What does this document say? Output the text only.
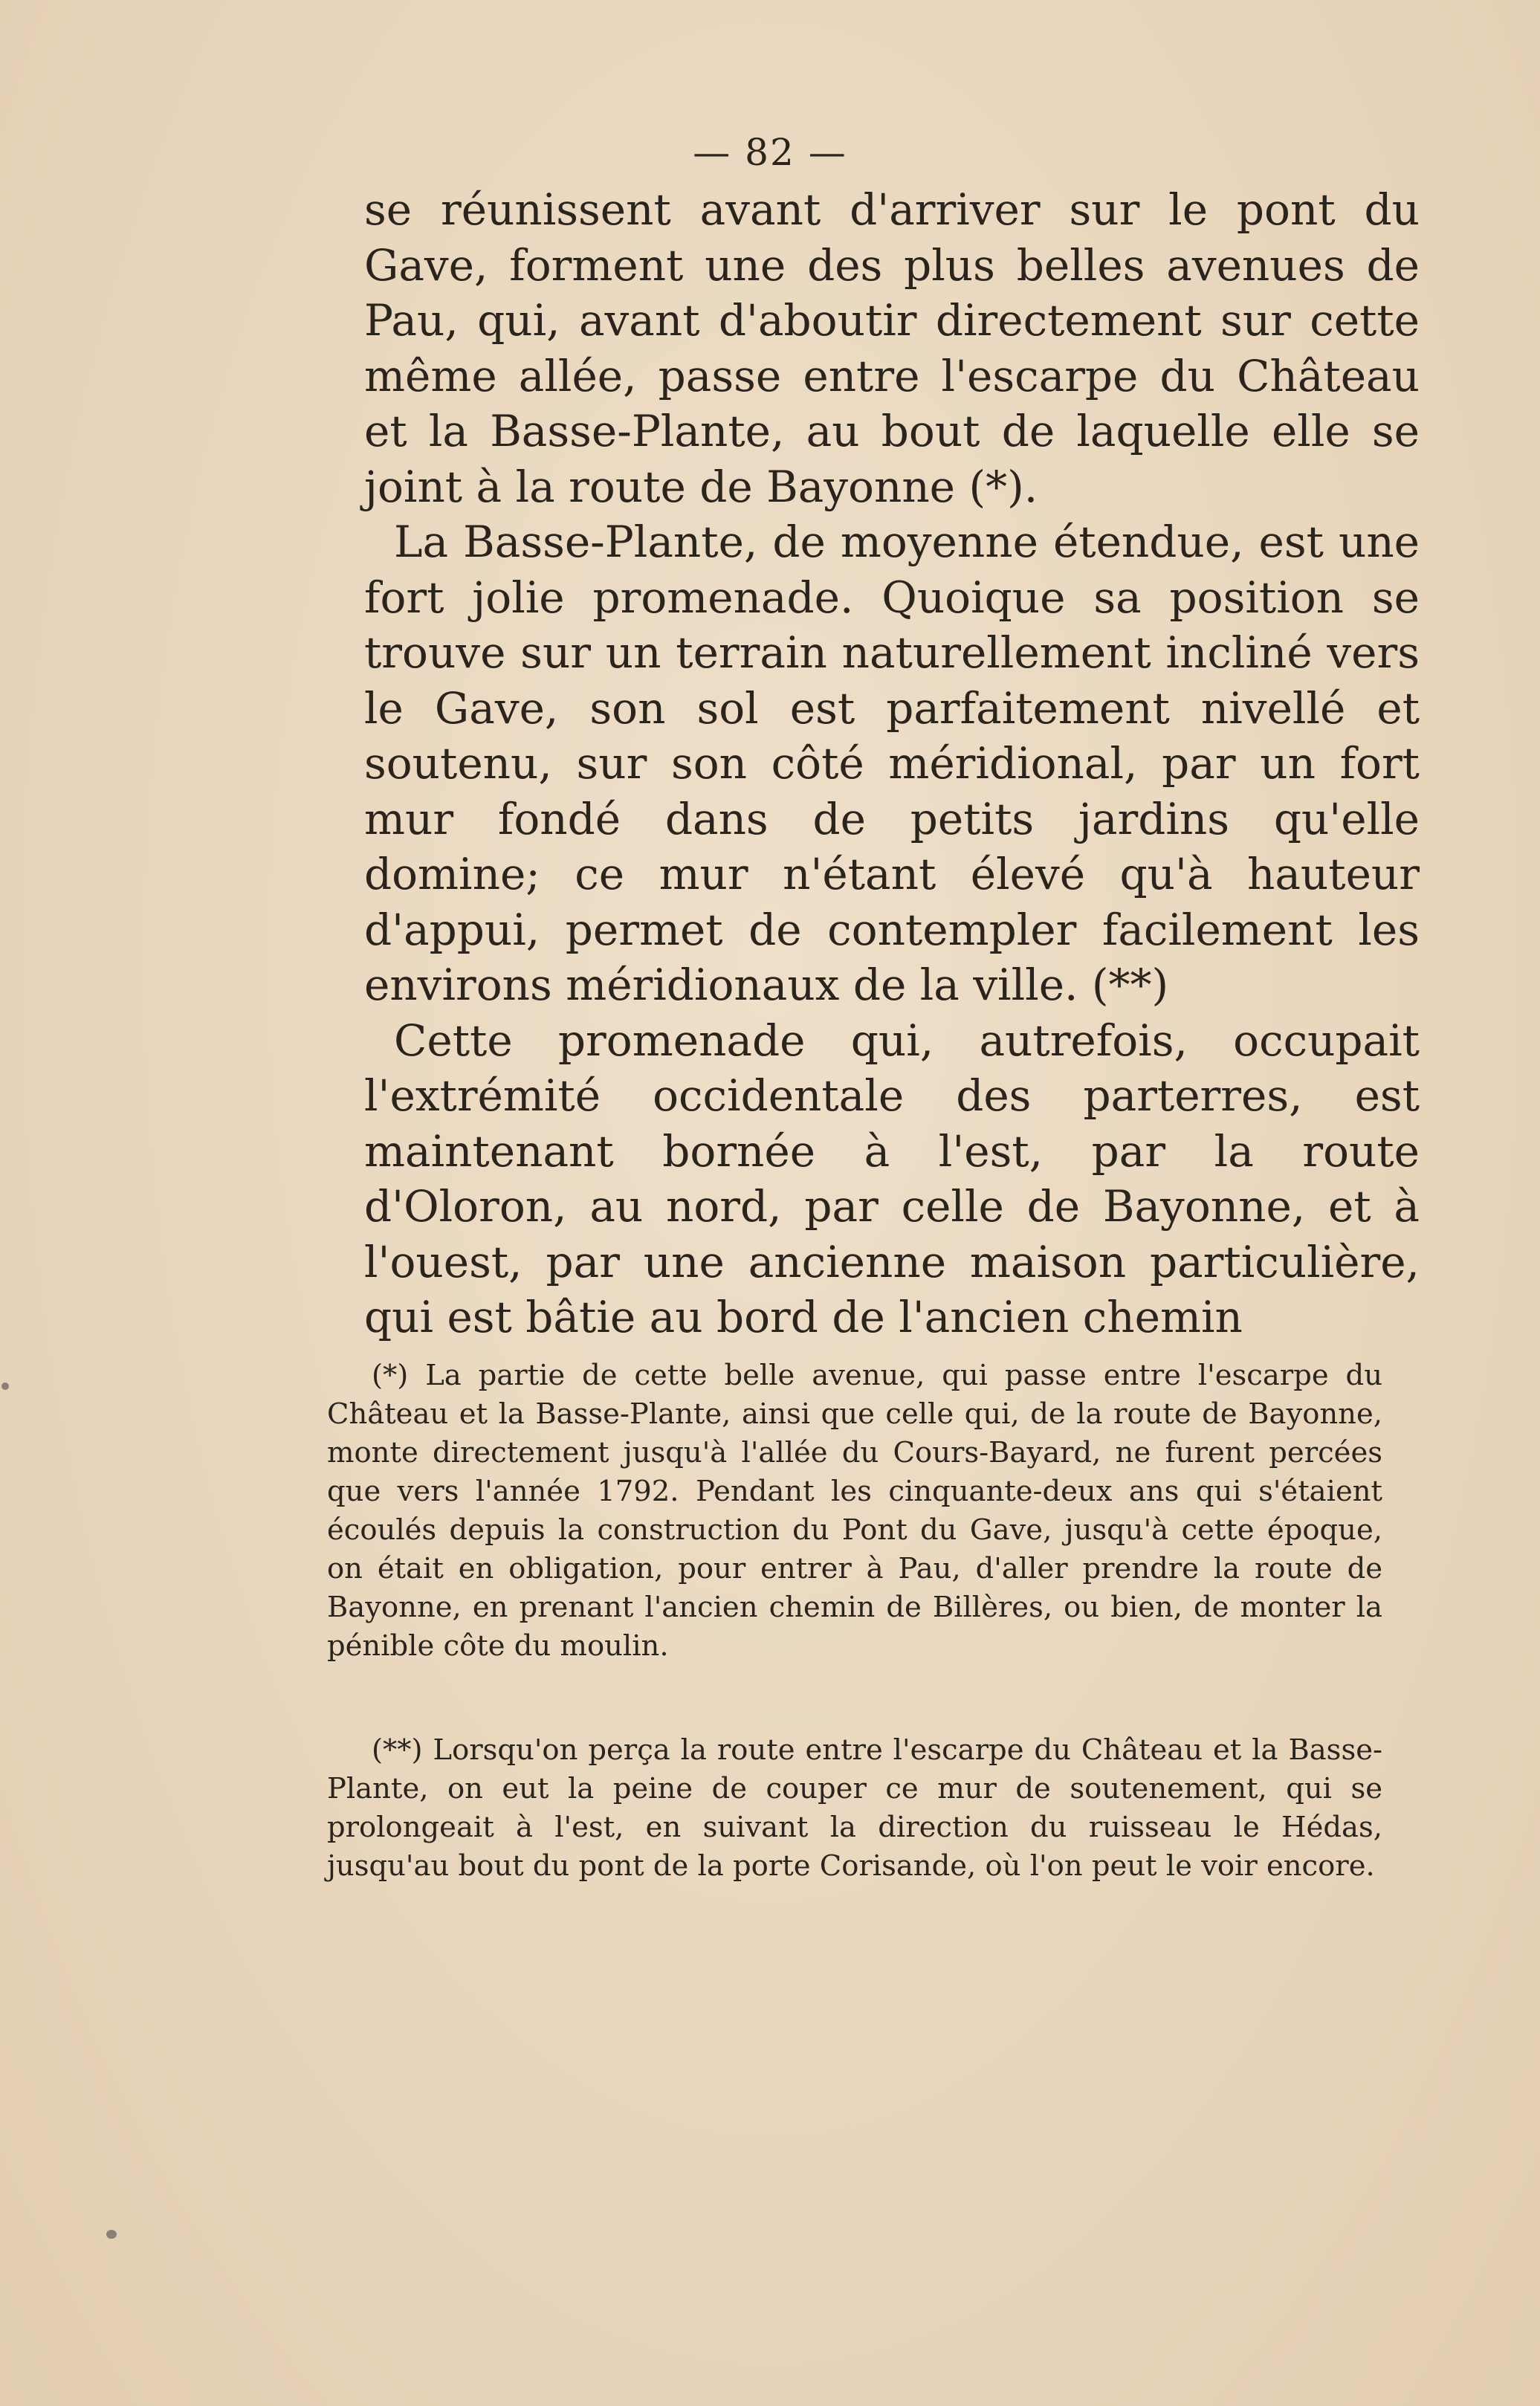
— 82 —

se réunissent avant d'arriver sur le pont du Gave, forment une des plus belles avenues de Pau, qui, avant d'aboutir directement sur cette même allée, passe entre l'escarpe du Château et la Basse-Plante, au bout de laquelle elle se joint à la route de Bayonne (*).

La Basse-Plante, de moyenne étendue, est une fort jolie promenade. Quoique sa position se trouve sur un terrain naturellement incliné vers le Gave, son sol est parfaitement nivellé et soutenu, sur son côté méridional, par un fort mur fondé dans de petits jardins qu'elle domine; ce mur n'étant élevé qu'à hauteur d'appui, permet de contempler facilement les environs méridionaux de la ville. (**)

Cette promenade qui, autrefois, occupait l'extrémité occidentale des parterres, est maintenant bornée à l'est, par la route d'Oloron, au nord, par celle de Bayonne, et à l'ouest, par une ancienne maison particulière, qui est bâtie au bord de l'ancien chemin

(*) La partie de cette belle avenue, qui passe entre l'escarpe du Château et la Basse-Plante, ainsi que celle qui, de la route de Bayonne, monte directement jusqu'à l'allée du Cours-Bayard, ne furent percées que vers l'année 1792. Pendant les cinquante-deux ans qui s'étaient écoulés depuis la construction du Pont du Gave, jusqu'à cette époque, on était en obligation, pour entrer à Pau, d'aller prendre la route de Bayonne, en prenant l'ancien chemin de Billères, ou bien, de monter la pénible côte du moulin.

(**) Lorsqu'on perça la route entre l'escarpe du Château et la Basse-Plante, on eut la peine de couper ce mur de soutenement, qui se prolongeait à l'est, en suivant la direction du ruisseau le Hédas, jusqu'au bout du pont de la porte Corisande, où l'on peut le voir encore.
